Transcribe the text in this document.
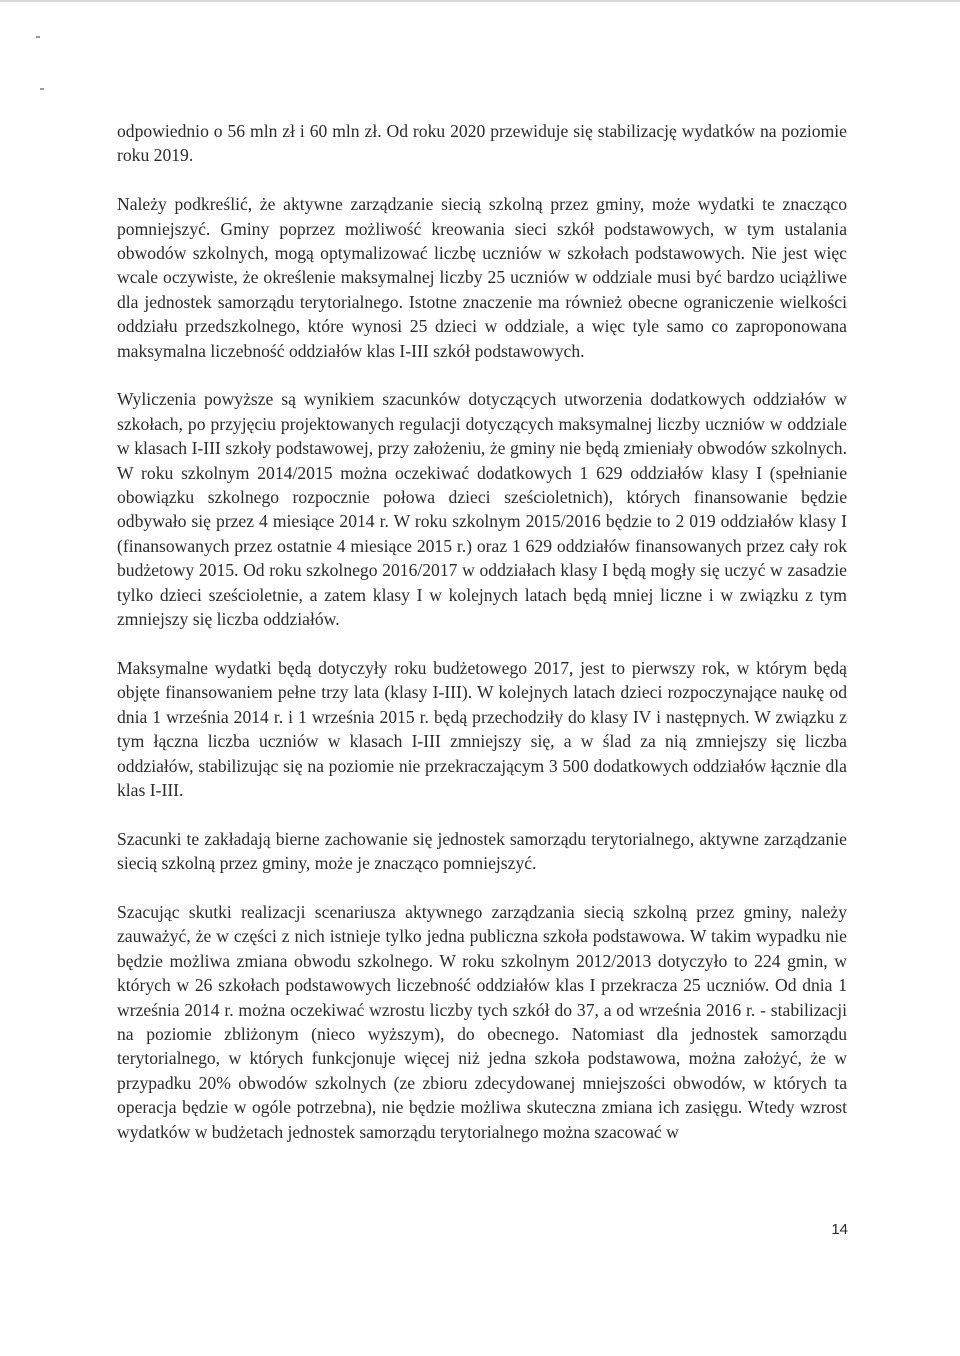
odpowiednio o 56 mln zł i 60 mln zł. Od roku 2020 przewiduje się stabilizację wydatków na poziomie roku 2019.

Należy podkreślić, że aktywne zarządzanie siecią szkolną przez gminy, może wydatki te znacząco pomniejszyć. Gminy poprzez możliwość kreowania sieci szkół podstawowych, w tym ustalania obwodów szkolnych, mogą optymalizować liczbę uczniów w szkołach podstawowych. Nie jest więc wcale oczywiste, że określenie maksymalnej liczby 25 uczniów w oddziale musi być bardzo uciążliwe dla jednostek samorządu terytorialnego. Istotne znaczenie ma również obecne ograniczenie wielkości oddziału przedszkolnego, które wynosi 25 dzieci w oddziale, a więc tyle samo co zaproponowana maksymalna liczebność oddziałów klas I-III szkół podstawowych.

Wyliczenia powyższe są wynikiem szacunków dotyczących utworzenia dodatkowych oddziałów w szkołach, po przyjęciu projektowanych regulacji dotyczących maksymalnej liczby uczniów w oddziale w klasach I-III szkoły podstawowej, przy założeniu, że gminy nie będą zmieniały obwodów szkolnych. W roku szkolnym 2014/2015 można oczekiwać dodatkowych 1 629 oddziałów klasy I (spełnianie obowiązku szkolnego rozpocznie połowa dzieci sześcioletnich), których finansowanie będzie odbywało się przez 4 miesiące 2014 r. W roku szkolnym 2015/2016 będzie to 2 019 oddziałów klasy I (finansowanych przez ostatnie 4 miesiące 2015 r.) oraz 1 629 oddziałów finansowanych przez cały rok budżetowy 2015. Od roku szkolnego 2016/2017 w oddziałach klasy I będą mogły się uczyć w zasadzie tylko dzieci sześcioletnie, a zatem klasy I w kolejnych latach będą mniej liczne i w związku z tym zmniejszy się liczba oddziałów.

Maksymalne wydatki będą dotyczyły roku budżetowego 2017, jest to pierwszy rok, w którym będą objęte finansowaniem pełne trzy lata (klasy I-III). W kolejnych latach dzieci rozpoczynające naukę od dnia 1 września 2014 r. i 1 września 2015 r. będą przechodziły do klasy IV i następnych. W związku z tym łączna liczba uczniów w klasach I-III zmniejszy się, a w ślad za nią zmniejszy się liczba oddziałów, stabilizując się na poziomie nie przekraczającym 3 500 dodatkowych oddziałów łącznie dla klas I-III.

Szacunki te zakładają bierne zachowanie się jednostek samorządu terytorialnego, aktywne zarządzanie siecią szkolną przez gminy, może je znacząco pomniejszyć.

Szacując skutki realizacji scenariusza aktywnego zarządzania siecią szkolną przez gminy, należy zauważyć, że w części z nich istnieje tylko jedna publiczna szkoła podstawowa. W takim wypadku nie będzie możliwa zmiana obwodu szkolnego. W roku szkolnym 2012/2013 dotyczyło to 224 gmin, w których w 26 szkołach podstawowych liczebność oddziałów klas I przekracza 25 uczniów. Od dnia 1 września 2014 r. można oczekiwać wzrostu liczby tych szkół do 37, a od września 2016 r. - stabilizacji na poziomie zbliżonym (nieco wyższym), do obecnego. Natomiast dla jednostek samorządu terytorialnego, w których funkcjonuje więcej niż jedna szkoła podstawowa, można założyć, że w przypadku 20% obwodów szkolnych (ze zbioru zdecydowanej mniejszości obwodów, w których ta operacja będzie w ogóle potrzebna), nie będzie możliwa skuteczna zmiana ich zasięgu. Wtedy wzrost wydatków w budżetach jednostek samorządu terytorialnego można szacować w

14
